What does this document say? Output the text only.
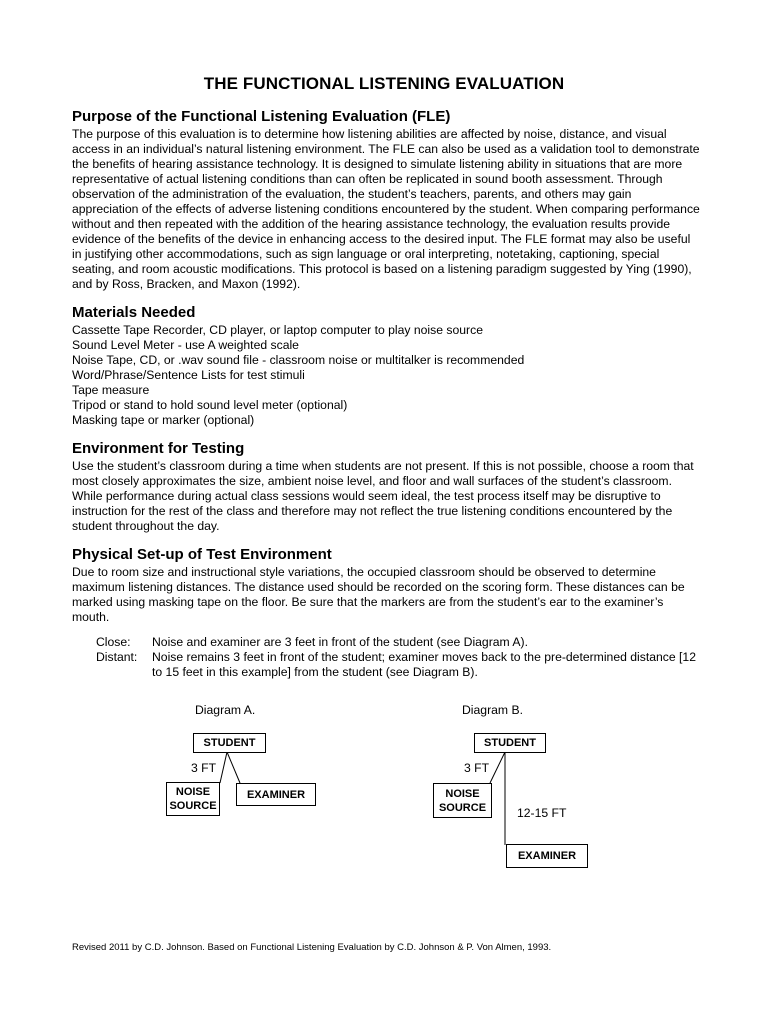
THE FUNCTIONAL LISTENING EVALUATION
Purpose of the Functional Listening Evaluation (FLE)

The purpose of this evaluation is to determine how listening abilities are affected by noise, distance, and visual access in an individual’s natural listening environment. The FLE can also be used as a validation tool to demonstrate the benefits of hearing assistance technology. It is designed to simulate listening ability in situations that are more representative of actual listening conditions than can often be replicated in sound booth assessment. Through observation of the administration of the evaluation, the student’s teachers, parents, and others may gain appreciation of the effects of adverse listening conditions encountered by the student. When comparing performance without and then repeated with the addition of the hearing assistance technology, the evaluation results provide evidence of the benefits of the device in enhancing access to the desired input. The FLE format may also be useful in justifying other accommodations, such as sign language or oral interpreting, notetaking, captioning, special seating, and room acoustic modifications. This protocol is based on a listening paradigm suggested by Ying (1990), and by Ross, Bracken, and Maxon (1992).

Materials Needed
Cassette Tape Recorder, CD player, or laptop computer to play noise source
Sound Level Meter - use A weighted scale
Noise Tape, CD, or .wav sound file - classroom noise or multitalker is recommended
Word/Phrase/Sentence Lists for test stimuli
Tape measure
Tripod or stand to hold sound level meter (optional)
Masking tape or marker (optional)
Environment for Testing

Use the student’s classroom during a time when students are not present. If this is not possible, choose a room that most closely approximates the size, ambient noise level, and floor and wall surfaces of the student’s classroom. While performance during actual class sessions would seem ideal, the test process itself may be disruptive to instruction for the rest of the class and therefore may not reflect the true listening conditions encountered by the student throughout the day.

Physical Set-up of Test Environment

Due to room size and instructional style variations, the occupied classroom should be observed to determine maximum listening distances. The distance used should be recorded on the scoring form. These distances can be marked using masking tape on the floor. Be sure that the markers are from the student’s ear to the examiner’s mouth.

Close:	Noise and examiner are 3 feet in front of the student (see Diagram A).
Distant:	Noise remains 3 feet in front of the student; examiner moves back to the pre-determined distance [12 to 15 feet in this example] from the student (see Diagram B).
Diagram A.
STUDENT
3 FT
NOISE
SOURCE
EXAMINER
Diagram B.
STUDENT
3 FT
NOISE
SOURCE	12-15 FT
EXAMINER
Revised 2011 by C.D. Johnson. Based on Functional Listening Evaluation by C.D. Johnson & P. Von Almen, 1993.
